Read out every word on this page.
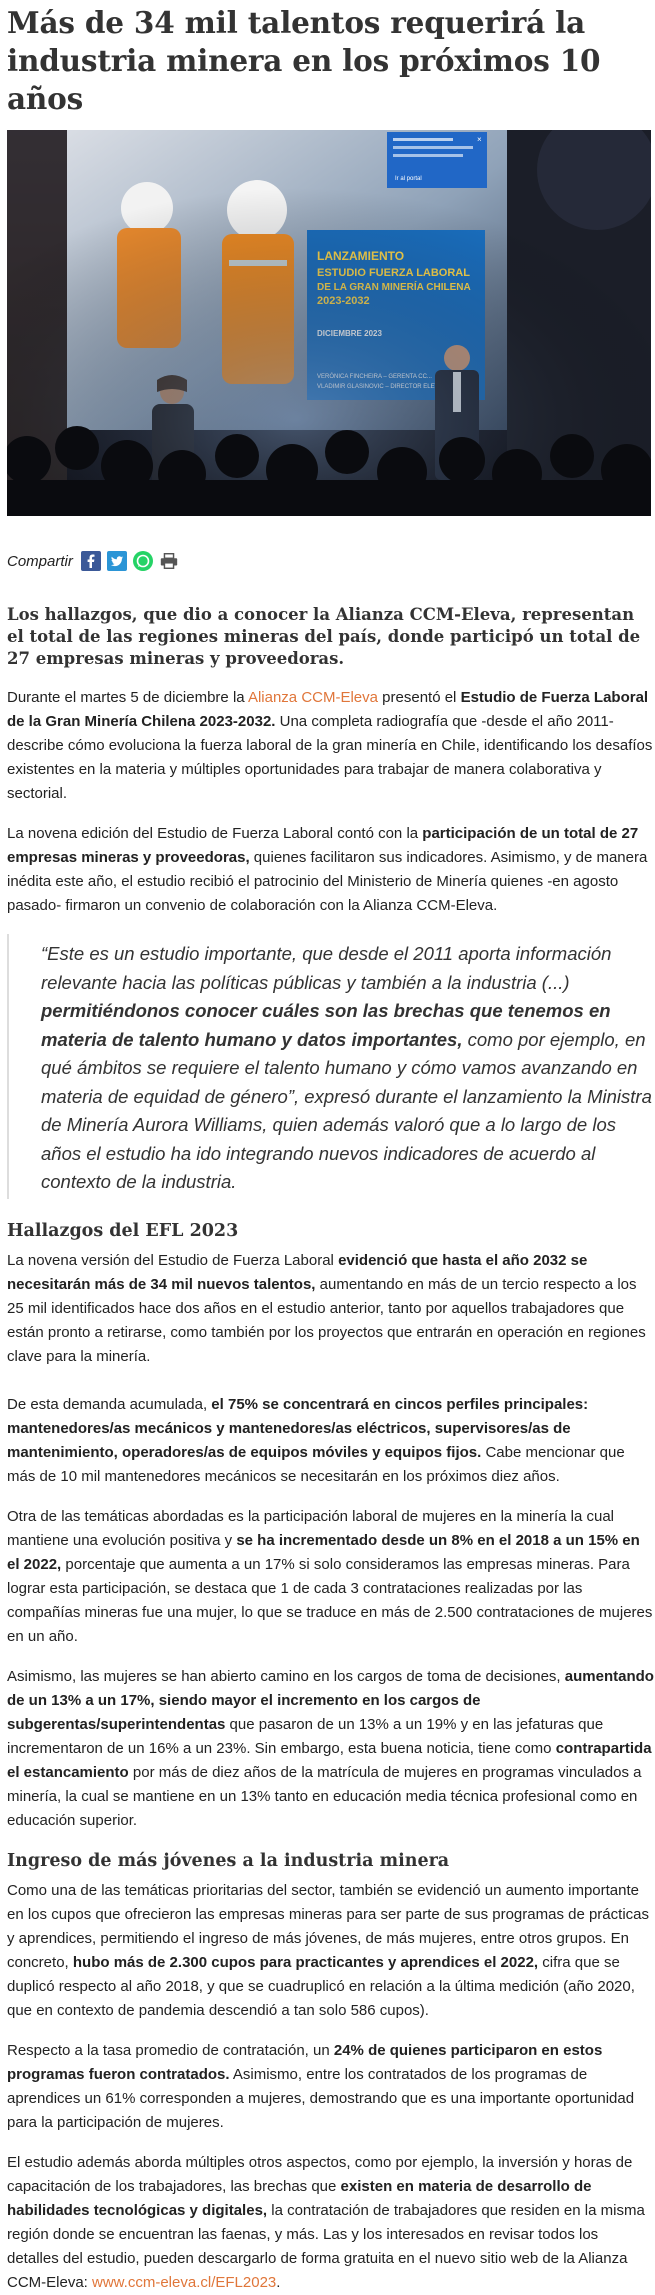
Más de 34 mil talentos requerirá la industria minera en los próximos 10 años
Compartir
Los hallazgos, que dio a conocer la Alianza CCM-Eleva, representan el total de las regiones mineras del país, donde participó un total de 27 empresas mineras y proveedoras.

Durante el martes 5 de diciembre la Alianza CCM-Eleva presentó el Estudio de Fuerza Laboral de la Gran Minería Chilena 2023-2032. Una completa radiografía que -desde el año 2011- describe cómo evoluciona la fuerza laboral de la gran minería en Chile, identificando los desafíos existentes en la materia y múltiples oportunidades para trabajar de manera colaborativa y sectorial.

La novena edición del Estudio de Fuerza Laboral contó con la participación de un total de 27 empresas mineras y proveedoras, quienes facilitaron sus indicadores. Asimismo, y de manera inédita este año, el estudio recibió el patrocinio del Ministerio de Minería quienes -en agosto pasado- firmaron un convenio de colaboración con la Alianza CCM-Eleva.

“Este es un estudio importante, que desde el 2011 aporta información relevante hacia las políticas públicas y también a la industria (...) permitiéndonos conocer cuáles son las brechas que tenemos en materia de talento humano y datos importantes, como por ejemplo, en qué ámbitos se requiere el talento humano y cómo vamos avanzando en materia de equidad de género”, expresó durante el lanzamiento la Ministra de Minería Aurora Williams, quien además valoró que a lo largo de los años el estudio ha ido integrando nuevos indicadores de acuerdo al contexto de la industria.
Hallazgos del EFL 2023

La novena versión del Estudio de Fuerza Laboral evidenció que hasta el año 2032 se necesitarán más de 34 mil nuevos talentos, aumentando en más de un tercio respecto a los 25 mil identificados hace dos años en el estudio anterior, tanto por aquellos trabajadores que están pronto a retirarse, como también por los proyectos que entrarán en operación en regiones clave para la minería.

De esta demanda acumulada, el 75% se concentrará en cincos perfiles principales: mantenedores/as mecánicos y mantenedores/as eléctricos, supervisores/as de mantenimiento, operadores/as de equipos móviles y equipos fijos. Cabe mencionar que más de 10 mil mantenedores mecánicos se necesitarán en los próximos diez años.

Otra de las temáticas abordadas es la participación laboral de mujeres en la minería la cual mantiene una evolución positiva y se ha incrementado desde un 8% en el 2018 a un 15% en el 2022, porcentaje que aumenta a un 17% si solo consideramos las empresas mineras. Para lograr esta participación, se destaca que 1 de cada 3 contrataciones realizadas por las compañías mineras fue una mujer, lo que se traduce en más de 2.500 contrataciones de mujeres en un año.

Asimismo, las mujeres se han abierto camino en los cargos de toma de decisiones, aumentando de un 13% a un 17%, siendo mayor el incremento en los cargos de subgerentas/superintendentas que pasaron de un 13% a un 19% y en las jefaturas que incrementaron de un 16% a un 23%. Sin embargo, esta buena noticia, tiene como contrapartida el estancamiento por más de diez años de la matrícula de mujeres en programas vinculados a minería, la cual se mantiene en un 13% tanto en educación media técnica profesional como en educación superior.

Ingreso de más jóvenes a la industria minera

Como una de las temáticas prioritarias del sector, también se evidenció un aumento importante en los cupos que ofrecieron las empresas mineras para ser parte de sus programas de prácticas y aprendices, permitiendo el ingreso de más jóvenes, de más mujeres, entre otros grupos. En concreto, hubo más de 2.300 cupos para practicantes y aprendices el 2022, cifra que se duplicó respecto al año 2018, y que se cuadruplicó en relación a la última medición (año 2020, que en contexto de pandemia descendió a tan solo 586 cupos).

Respecto a la tasa promedio de contratación, un 24% de quienes participaron en estos programas fueron contratados. Asimismo, entre los contratados de los programas de aprendices un 61% corresponden a mujeres, demostrando que es una importante oportunidad para la participación de mujeres.

El estudio además aborda múltiples otros aspectos, como por ejemplo, la inversión y horas de capacitación de los trabajadores, las brechas que existen en materia de desarrollo de habilidades tecnológicas y digitales, la contratación de trabajadores que residen en la misma región donde se encuentran las faenas, y más. Las y los interesados en revisar todos los detalles del estudio, pueden descargarlo de forma gratuita en el nuevo sitio web de la Alianza CCM-Eleva: www.ccm-eleva.cl/EFL2023.
